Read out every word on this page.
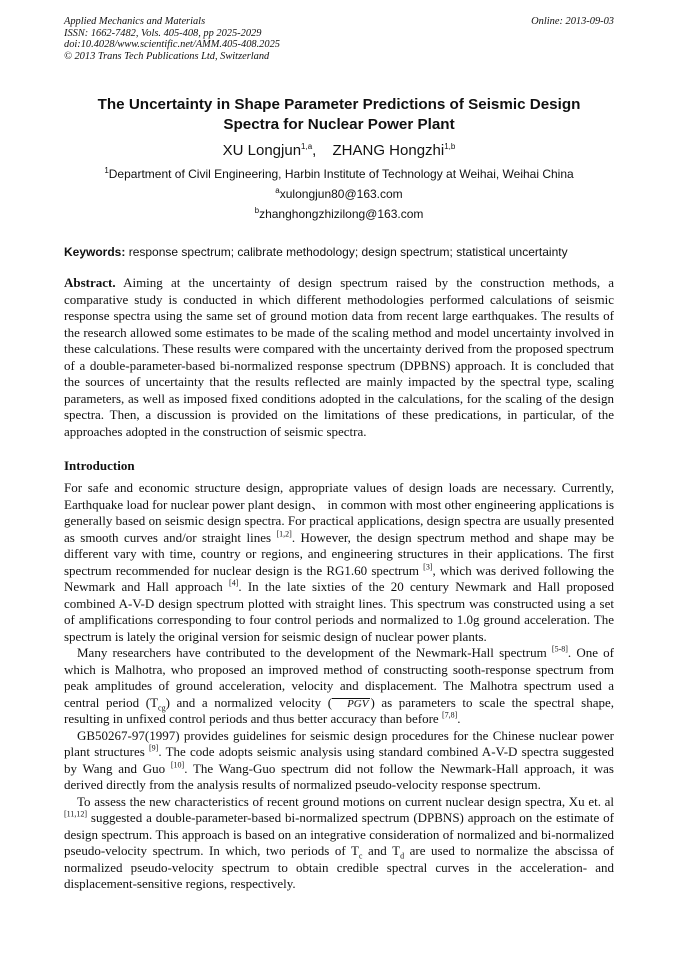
Applied Mechanics and Materials
ISSN: 1662-7482, Vols. 405-408, pp 2025-2029
doi:10.4028/www.scientific.net/AMM.405-408.2025
© 2013 Trans Tech Publications Ltd, Switzerland
Online: 2013-09-03
The Uncertainty in Shape Parameter Predictions of Seismic Design
Spectra for Nuclear Power Plant
XU Longjun$^{1,a}$, ZHANG Hongzhi$^{1,b}$
$^1$Department of Civil Engineering, Harbin Institute of Technology at Weihai, Weihai China
$^a$xulongjun80@163.com
$^b$zhanghongzhizilong@163.com
Keywords: response spectrum; calibrate methodology; design spectrum; statistical uncertainty
Abstract. Aiming at the uncertainty of design spectrum raised by the construction methods, a comparative study is conducted in which different methodologies performed calculations of seismic response spectra using the same set of ground motion data from recent large earthquakes. The results of the research allowed some estimates to be made of the scaling method and model uncertainty involved in these calculations. These results were compared with the uncertainty derived from the proposed spectrum of a double-parameter-based bi-normalized response spectrum (DPBNS) approach. It is concluded that the sources of uncertainty that the results reflected are mainly impacted by the spectral type, scaling parameters, as well as imposed fixed conditions adopted in the calculations, for the scaling of the design spectra. Then, a discussion is provided on the limitations of these predications, in particular, of the approaches adopted in the construction of seismic spectra.
Introduction

For safe and economic structure design, appropriate values of design loads are necessary. Currently, Earthquake load for nuclear power plant design、 in common with most other engineering applications is generally based on seismic design spectra. For practical applications, design spectra are usually presented as smooth curves and/or straight lines [1,2]. However, the design spectrum method and shape may be different vary with time, country or regions, and engineering structures in their applications. The first spectrum recommended for nuclear design is the RG1.60 spectrum [3], which was derived following the Newmark and Hall approach [4]. In the late sixties of the 20 century Newmark and Hall proposed combined A-V-D design spectrum plotted with straight lines. This spectrum was constructed using a set of amplifications corresponding to four control periods and normalized to 1.0g ground acceleration. The spectrum is lately the original version for seismic design of nuclear power plants.

Many researchers have contributed to the development of the Newmark-Hall spectrum [5-8]. One of which is Malhotra, who proposed an improved method of constructing sooth-response spectrum from peak amplitudes of ground acceleration, velocity and displacement. The Malhotra spectrum used a central period $(T_{cg})$ and a normalized velocity ( PGV ) as parameters to scale the spectral shape, resulting in unfixed control periods and thus better accuracy than before [7,8].

GB50267-97(1997) provides guidelines for seismic design procedures for the Chinese nuclear power plant structures [9]. The code adopts seismic analysis using standard combined A-V-D spectra suggested by Wang and Guo [10]. The Wang-Guo spectrum did not follow the Newmark-Hall approach, it was derived directly from the analysis results of normalized pseudo-velocity response spectrum.

To assess the new characteristics of recent ground motions on current nuclear design spectra, Xu et. al [11,12] suggested a double-parameter-based bi-normalized spectrum (DPBNS) approach on the estimate of design spectrum. This approach is based on an integrative consideration of normalized and bi-normalized pseudo-velocity spectrum. In which, two periods of $T_c$ and $T_d$ are used to normalize the abscissa of normalized pseudo-velocity spectrum to obtain credible spectral curves in the acceleration- and displacement-sensitive regions, respectively.
